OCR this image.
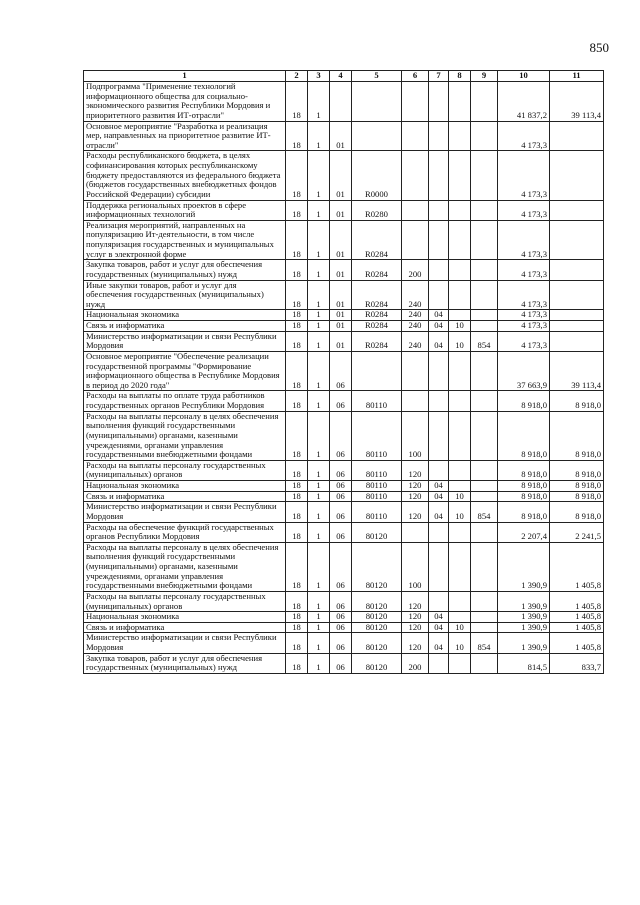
850
1	2	3	4	5	6	7	8	9	10	11
Подпрограмма "Применение технологий информационного общества для социально-экономического развития Республики Мордовия и приоритетного развития ИТ-отрасли"	18	1							41 837,2	39 113,4
Основное мероприятие "Разработка и реализация мер, направленных на приоритетное развитие ИТ-отрасли"	18	1	01						4 173,3	
Расходы республиканского бюджета, в целях софинансирования которых республиканскому бюджету предоставляются из федерального бюджета (бюджетов государственных внебюджетных фондов Российской Федерации) субсидии	18	1	01	R0000					4 173,3	
Поддержка региональных проектов в сфере информационных технологий	18	1	01	R0280					4 173,3	
Реализация мероприятий, направленных на популяризацию Ит-деятельности, в том числе популяризация государственных и муниципальных услуг в электронной форме	18	1	01	R0284					4 173,3	
Закупка товаров, работ и услуг для обеспечения государственных (муниципальных) нужд	18	1	01	R0284	200				4 173,3	
Иные закупки товаров, работ и услуг для обеспечения государственных (муниципальных) нужд	18	1	01	R0284	240				4 173,3	
Национальная экономика	18	1	01	R0284	240	04			4 173,3	
Связь и информатика	18	1	01	R0284	240	04	10		4 173,3	
Министерство информатизации и связи Республики Мордовия	18	1	01	R0284	240	04	10	854	4 173,3	
Основное мероприятие "Обеспечение реализации государственной программы "Формирование информационного общества в Республике Мордовия в период до 2020 года"	18	1	06						37 663,9	39 113,4
Расходы на выплаты по оплате труда работников государственных органов Республики Мордовия	18	1	06	80110					8 918,0	8 918,0
Расходы на выплаты персоналу в целях обеспечения выполнения функций государственными (муниципальными) органами, казенными учреждениями, органами управления государственными внебюджетными фондами	18	1	06	80110	100				8 918,0	8 918,0
Расходы на выплаты персоналу государственных (муниципальных) органов	18	1	06	80110	120				8 918,0	8 918,0
Национальная экономика	18	1	06	80110	120	04			8 918,0	8 918,0
Связь и информатика	18	1	06	80110	120	04	10		8 918,0	8 918,0
Министерство информатизации и связи Республики Мордовия	18	1	06	80110	120	04	10	854	8 918,0	8 918,0
Расходы на обеспечение функций государственных органов Республики Мордовия	18	1	06	80120					2 207,4	2 241,5
Расходы на выплаты персоналу в целях обеспечения выполнения функций государственными (муниципальными) органами, казенными учреждениями, органами управления государственными внебюджетными фондами	18	1	06	80120	100				1 390,9	1 405,8
Расходы на выплаты персоналу государственных (муниципальных) органов	18	1	06	80120	120				1 390,9	1 405,8
Национальная экономика	18	1	06	80120	120	04			1 390,9	1 405,8
Связь и информатика	18	1	06	80120	120	04	10		1 390,9	1 405,8
Министерство информатизации и связи Республики Мордовия	18	1	06	80120	120	04	10	854	1 390,9	1 405,8
Закупка товаров, работ и услуг для обеспечения государственных (муниципальных) нужд	18	1	06	80120	200				814,5	833,7
